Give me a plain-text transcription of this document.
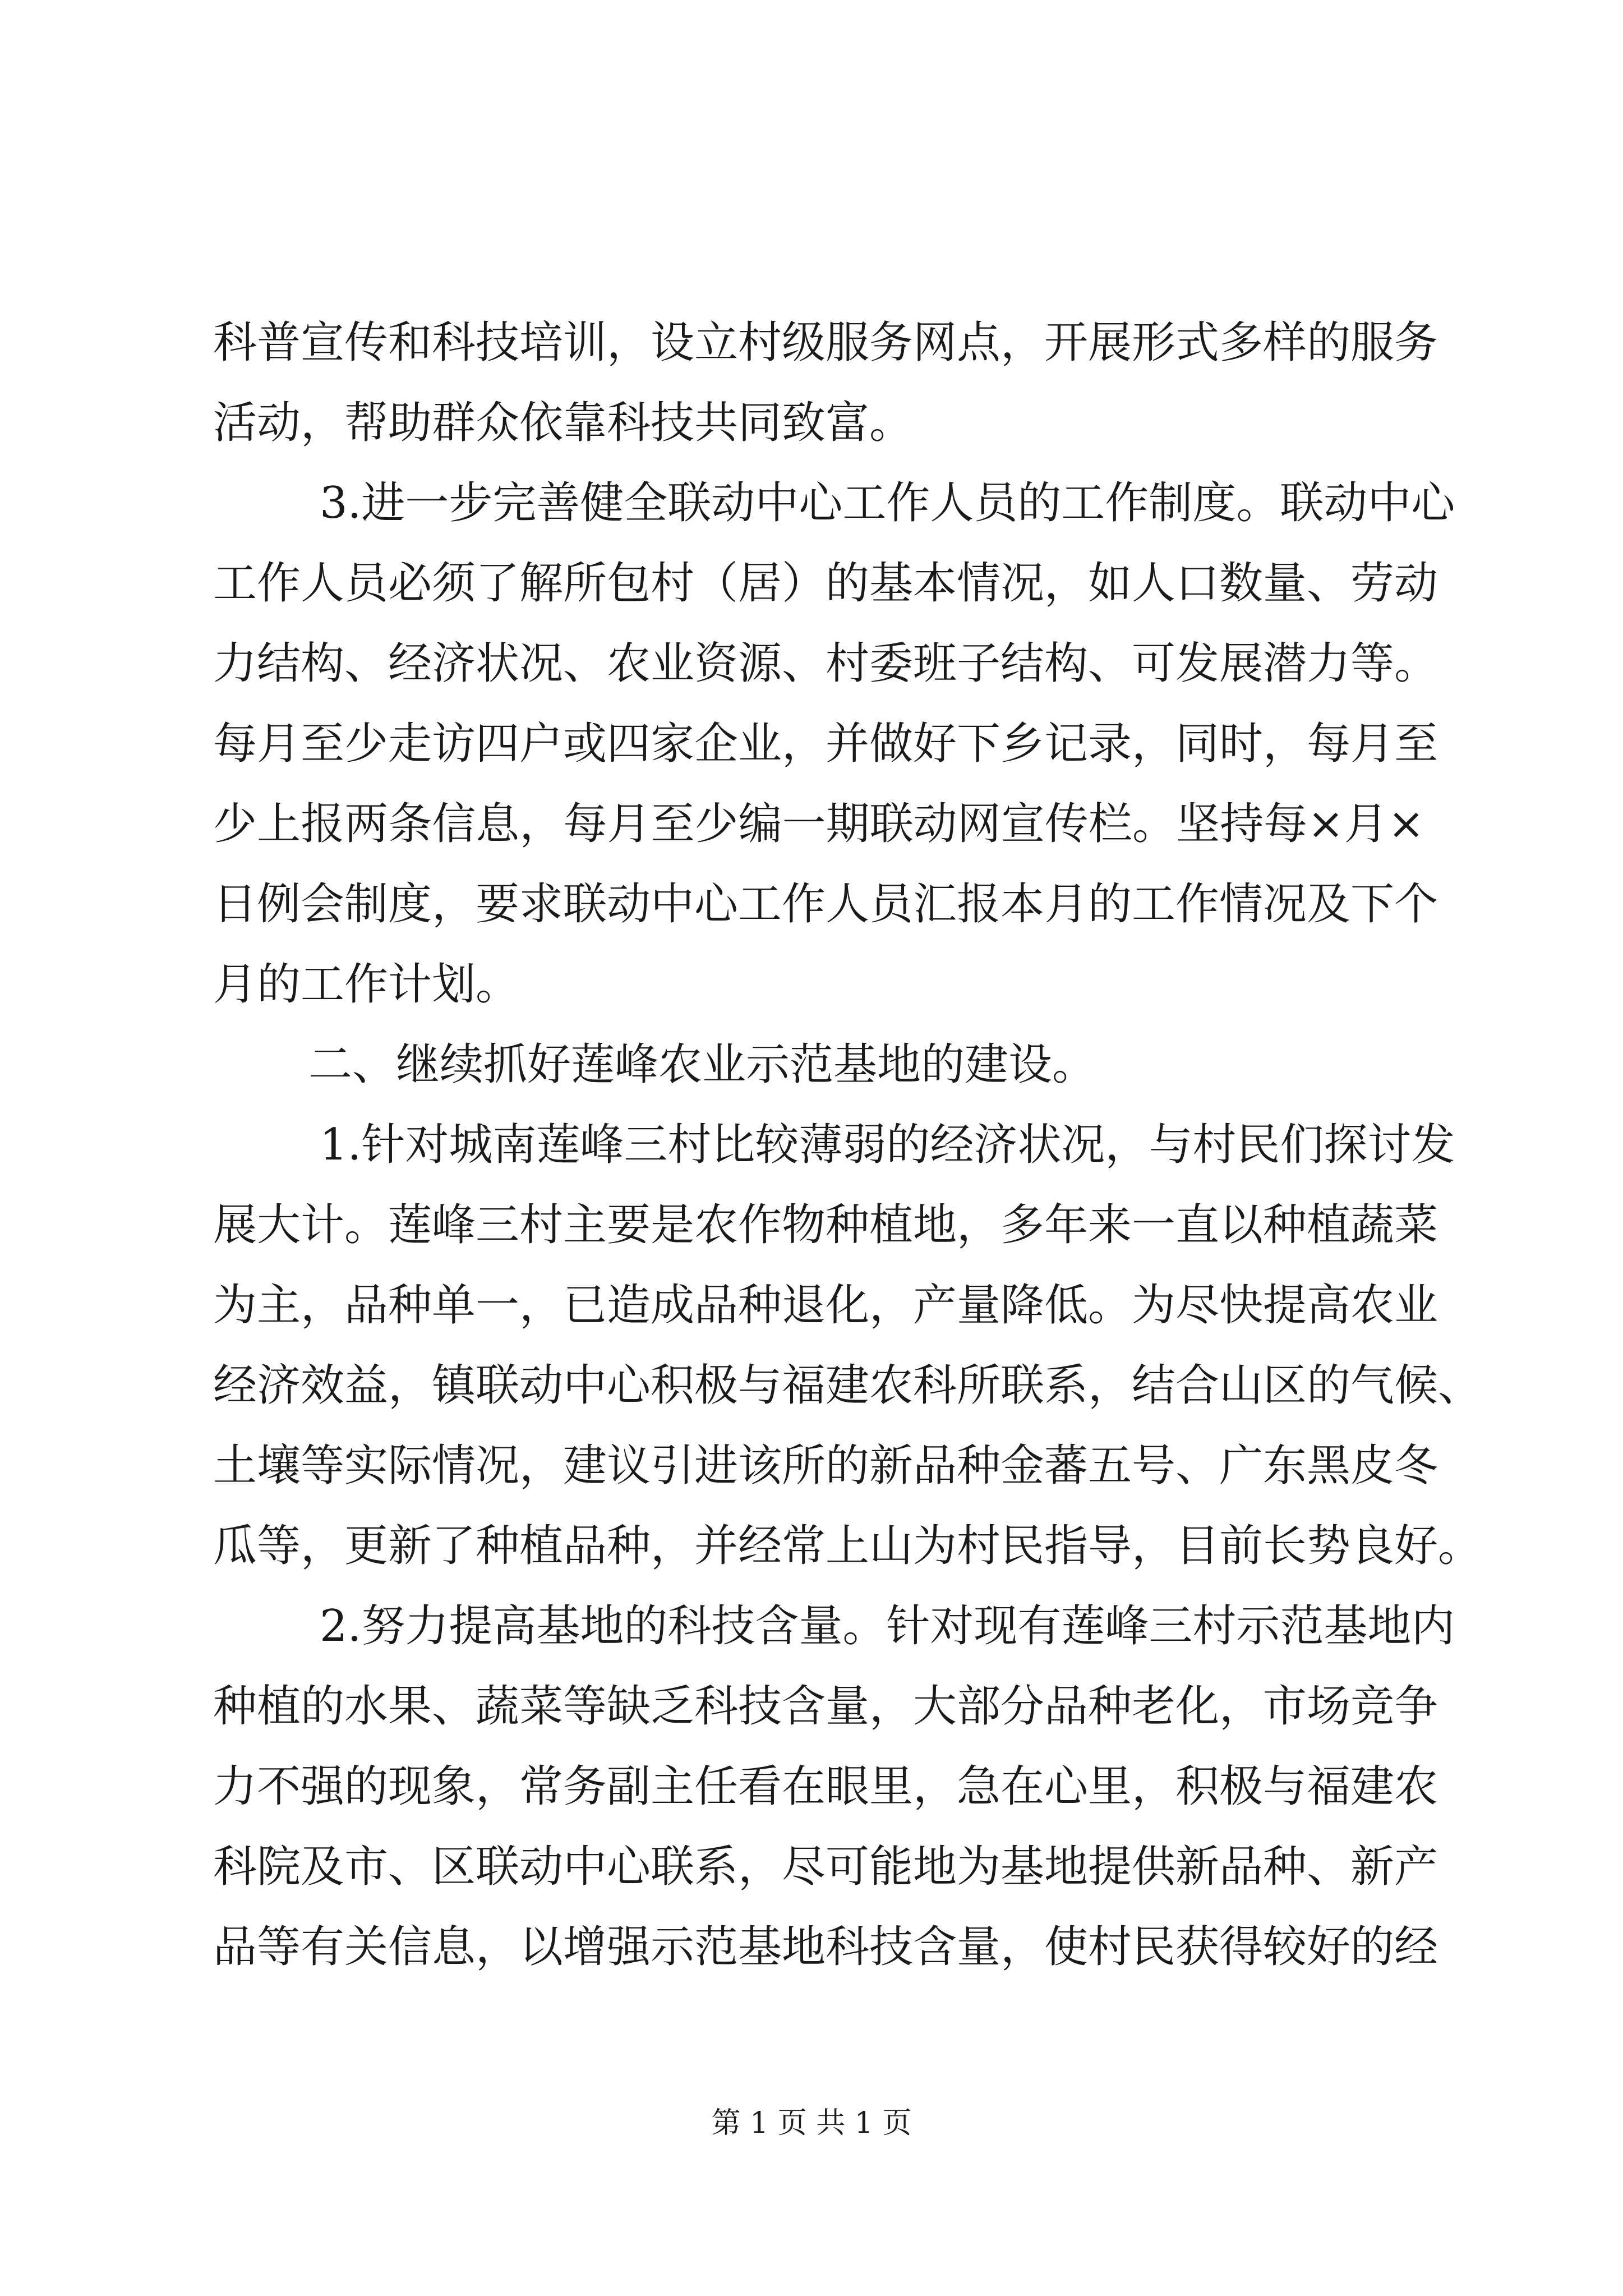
科普宣传和科技培训，设立村级服务网点，开展形式多样的服务
活动，帮助群众依靠科技共同致富。
3.进一步完善健全联动中心工作人员的工作制度。联动中心
工作人员必须了解所包村（居）的基本情况，如人口数量、劳动
力结构、经济状况、农业资源、村委班子结构、可发展潜力等。
每月至少走访四户或四家企业，并做好下乡记录，同时，每月至
少上报两条信息，每月至少编一期联动网宣传栏。坚持每×月×
日例会制度，要求联动中心工作人员汇报本月的工作情况及下个
月的工作计划。
二、继续抓好莲峰农业示范基地的建设。
1.针对城南莲峰三村比较薄弱的经济状况，与村民们探讨发
展大计。莲峰三村主要是农作物种植地，多年来一直以种植蔬菜
为主，品种单一，已造成品种退化，产量降低。为尽快提高农业
经济效益，镇联动中心积极与福建农科所联系，结合山区的气候、
土壤等实际情况，建议引进该所的新品种金蕃五号、广东黑皮冬
瓜等，更新了种植品种，并经常上山为村民指导，目前长势良好。
2.努力提高基地的科技含量。针对现有莲峰三村示范基地内
种植的水果、蔬菜等缺乏科技含量，大部分品种老化，市场竞争
力不强的现象，常务副主任看在眼里，急在心里，积极与福建农
科院及市、区联动中心联系，尽可能地为基地提供新品种、新产
品等有关信息，以增强示范基地科技含量，使村民获得较好的经
第 1 页 共 1 页
